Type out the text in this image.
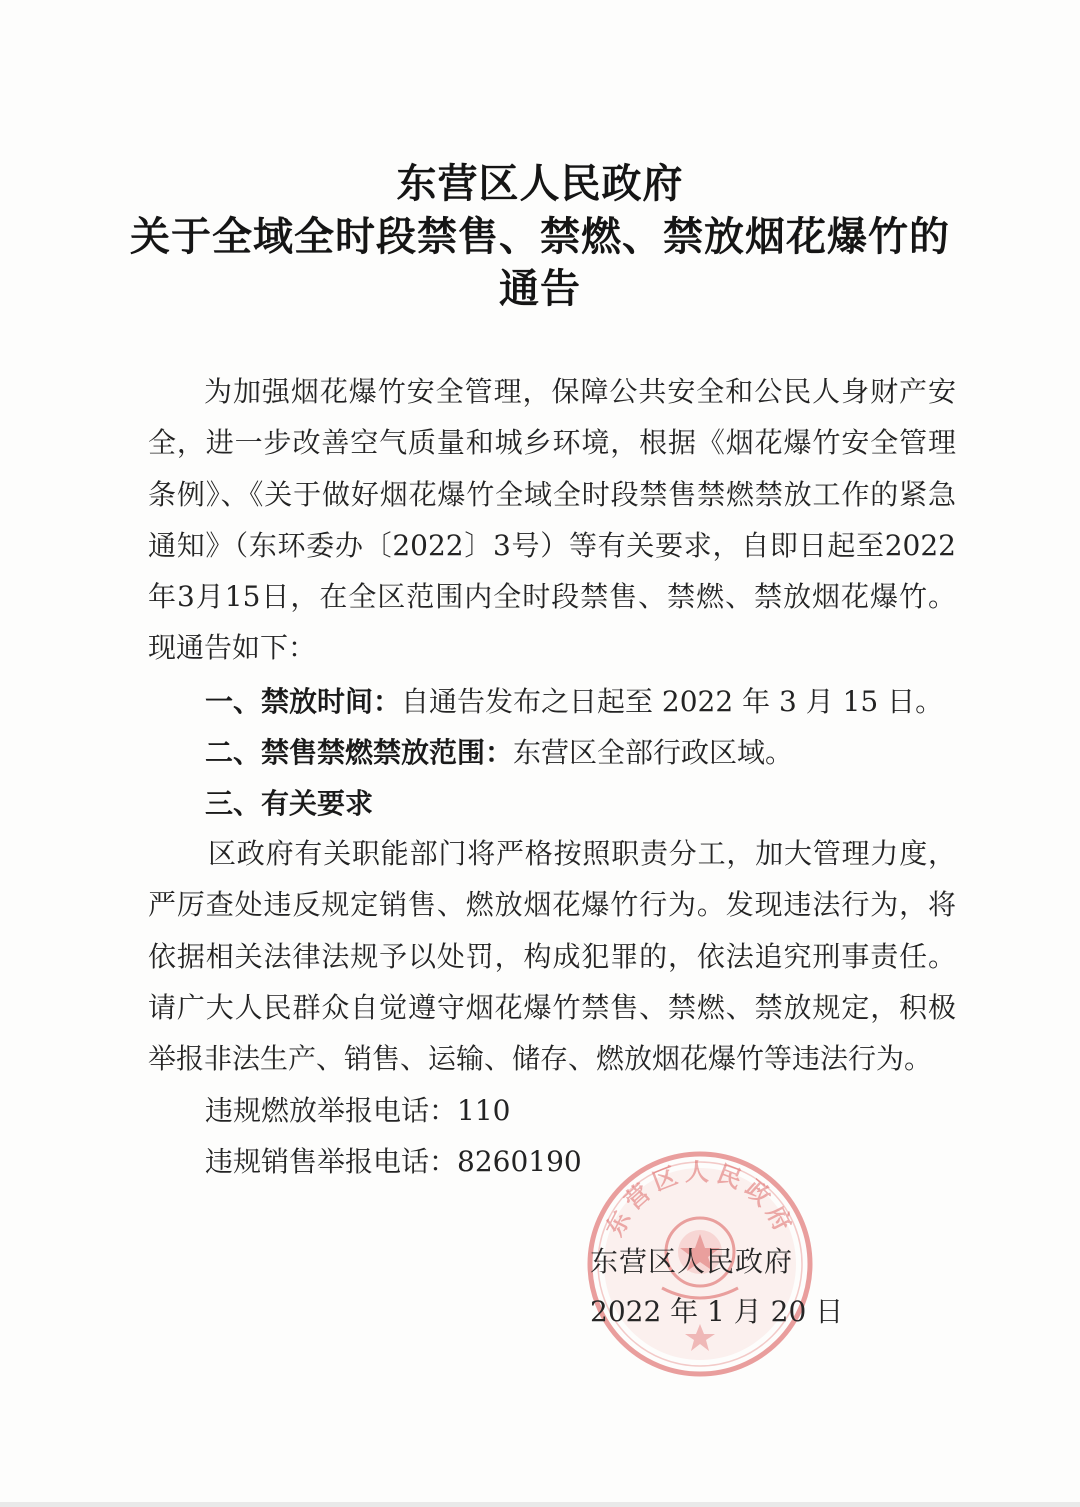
东营区人民政府
关于全域全时段禁售、禁燃、禁放烟花爆竹的
通告
为加强烟花爆竹安全管理，保障公共安全和公民人身财产安全，进一步改善空气质量和城乡环境，根据《烟花爆竹安全管理条例》、《关于做好烟花爆竹全域全时段禁售禁燃禁放工作的紧急通知》（东环委办〔2022〕3号）等有关要求，自即日起至2022年3月15日，在全区范围内全时段禁售、禁燃、禁放烟花爆竹。现通告如下：
一、禁放时间：自通告发布之日起至 2022 年 3 月 15 日。
二、禁售禁燃禁放范围：东营区全部行政区域。
三、有关要求
区政府有关职能部门将严格按照职责分工，加大管理力度，严厉查处违反规定销售、燃放烟花爆竹行为。发现违法行为，将依据相关法律法规予以处罚，构成犯罪的，依法追究刑事责任。请广大人民群众自觉遵守烟花爆竹禁售、禁燃、禁放规定，积极举报非法生产、销售、运输、储存、燃放烟花爆竹等违法行为。
违规燃放举报电话：110
违规销售举报电话：8260190
东营区人民政府
东营区人民政府
2022 年 1 月 20 日
